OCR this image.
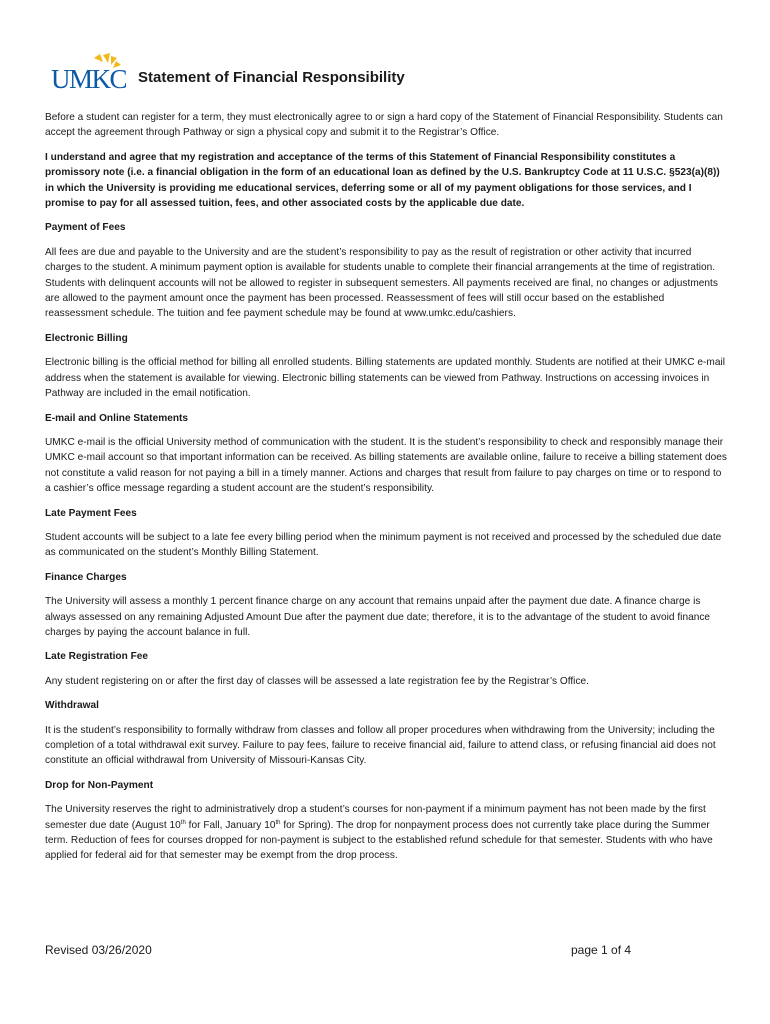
UMKC Statement of Financial Responsibility

Before a student can register for a term, they must electronically agree to or sign a hard copy of the Statement of Financial Responsibility. Students can accept the agreement through Pathway or sign a physical copy and submit it to the Registrar’s Office.

I understand and agree that my registration and acceptance of the terms of this Statement of Financial Responsibility constitutes a promissory note (i.e. a financial obligation in the form of an educational loan as defined by the U.S. Bankruptcy Code at 11 U.S.C. §523(a)(8)) in which the University is providing me educational services, deferring some or all of my payment obligations for those services, and I promise to pay for all assessed tuition, fees, and other associated costs by the applicable due date.

Payment of Fees

All fees are due and payable to the University and are the student’s responsibility to pay as the result of registration or other activity that incurred charges to the student. A minimum payment option is available for students unable to complete their financial arrangements at the time of registration. Students with delinquent accounts will not be allowed to register in subsequent semesters. All payments received are final, no changes or adjustments are allowed to the payment amount once the payment has been processed. Reassessment of fees will still occur based on the established reassessment schedule. The tuition and fee payment schedule may be found at www.umkc.edu/cashiers.

Electronic Billing

Electronic billing is the official method for billing all enrolled students. Billing statements are updated monthly. Students are notified at their UMKC e-mail address when the statement is available for viewing. Electronic billing statements can be viewed from Pathway. Instructions on accessing invoices in Pathway are included in the email notification.

E-mail and Online Statements

UMKC e-mail is the official University method of communication with the student. It is the student’s responsibility to check and responsibly manage their UMKC e-mail account so that important information can be received. As billing statements are available online, failure to receive a billing statement does not constitute a valid reason for not paying a bill in a timely manner. Actions and charges that result from failure to pay charges on time or to respond to a cashier’s office message regarding a student account are the student’s responsibility.

Late Payment Fees

Student accounts will be subject to a late fee every billing period when the minimum payment is not received and processed by the scheduled due date as communicated on the student’s Monthly Billing Statement.

Finance Charges

The University will assess a monthly 1 percent finance charge on any account that remains unpaid after the payment due date. A finance charge is always assessed on any remaining Adjusted Amount Due after the payment due date; therefore, it is to the advantage of the student to avoid finance charges by paying the account balance in full.

Late Registration Fee

Any student registering on or after the first day of classes will be assessed a late registration fee by the Registrar’s Office.

Withdrawal

It is the student’s responsibility to formally withdraw from classes and follow all proper procedures when withdrawing from the University; including the completion of a total withdrawal exit survey. Failure to pay fees, failure to receive financial aid, failure to attend class, or refusing financial aid does not constitute an official withdrawal from University of Missouri-Kansas City.

Drop for Non-Payment

The University reserves the right to administratively drop a student’s courses for non-payment if a minimum payment has not been made by the first semester due date (August 10th for Fall, January 10th for Spring). The drop for nonpayment process does not currently take place during the Summer term. Reduction of fees for courses dropped for non-payment is subject to the established refund schedule for that semester. Students with who have applied for federal aid for that semester may be exempt from the drop process.

Revised 03/26/2020	page 1 of 4
